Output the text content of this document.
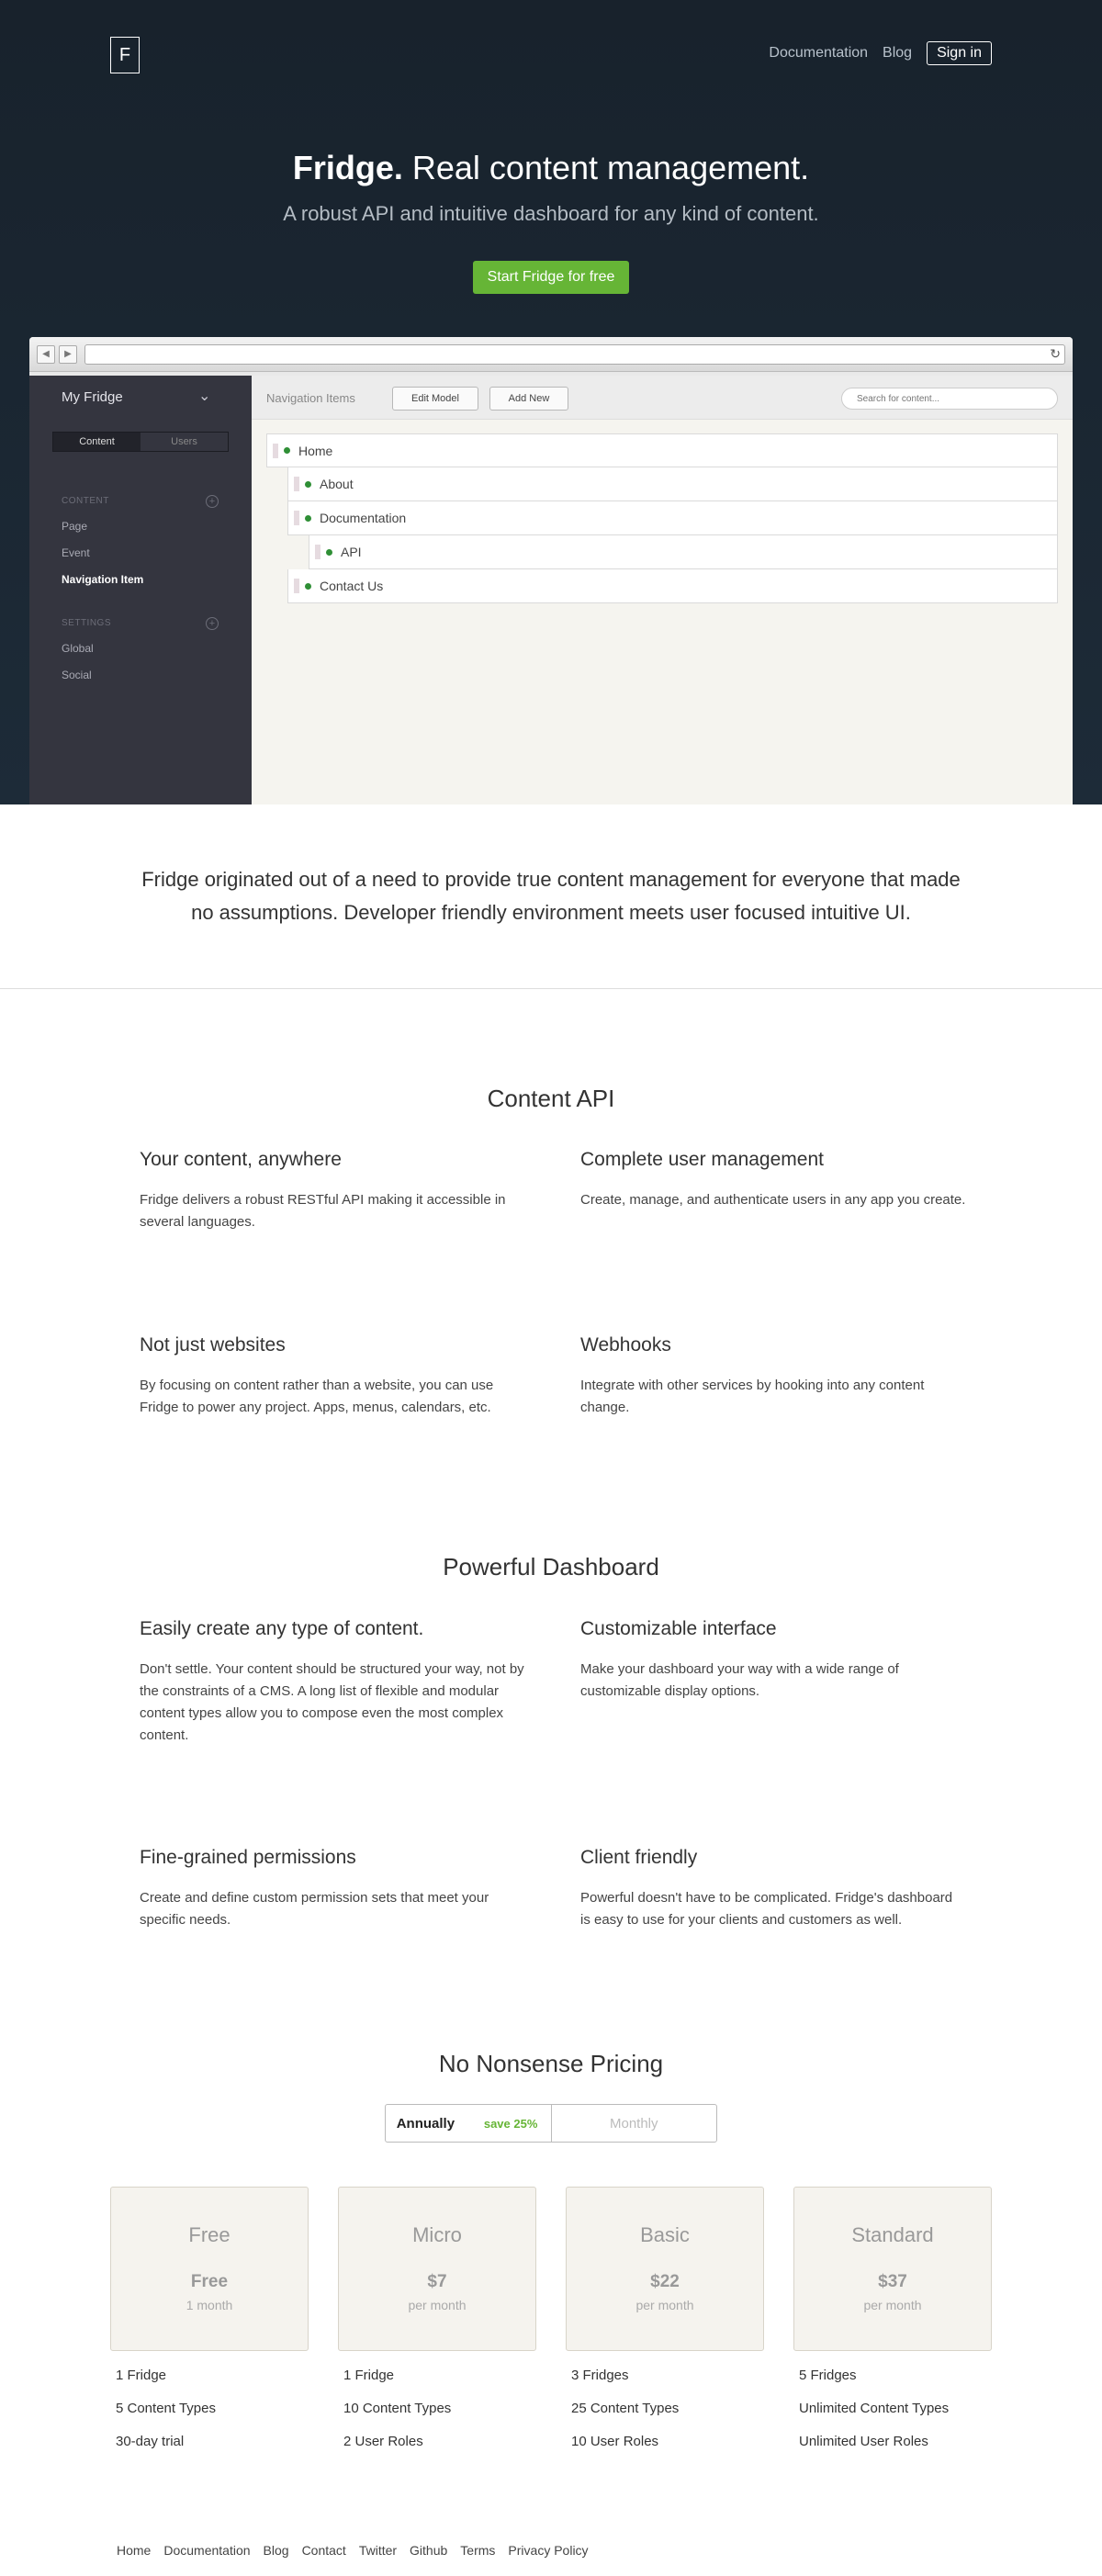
F	Documentation Blog	Sign in
Fridge. Real content management.
A robust API and intuitive dashboard for any kind of content.
Start Fridge for free
◀	▶	↻
My Fridge	⌄
Content	Users
CONTENT	+
Page
Event
Navigation Item
SETTINGS	+
Global
Social
Navigation Items	Edit Model	Add New
Search for content...
Home
About
Documentation
API
Contact Us

Fridge originated out of a need to provide true content management for everyone that made no assumptions. Developer friendly environment meets user focused intuitive UI.

Content API
Your content, anywhere

Fridge delivers a robust RESTful API making it accessible in several languages.

Complete user management

Create, manage, and authenticate users in any app you create.

Not just websites

By focusing on content rather than a website, you can use Fridge to power any project. Apps, menus, calendars, etc.

Webhooks

Integrate with other services by hooking into any content change.

Powerful Dashboard
Easily create any type of content.

Don't settle. Your content should be structured your way, not by the constraints of a CMS. A long list of flexible and modular content types allow you to compose even the most complex content.

Customizable interface

Make your dashboard your way with a wide range of customizable display options.

Fine-grained permissions

Create and define custom permission sets that meet your specific needs.

Client friendly

Powerful doesn't have to be complicated. Fridge's dashboard is easy to use for your clients and customers as well.

No Nonsense Pricing
Annually	save 25%	Monthly
Free
Free
1 month
Micro
$7
per month
Basic
$22
per month
Standard
$37
per month
1 Fridge
5 Content Types
30-day trial
1 Fridge
10 Content Types
2 User Roles
3 Fridges
25 Content Types
10 User Roles
5 Fridges
Unlimited Content Types
Unlimited User Roles
Home Documentation Blog Contact Twitter Github Terms Privacy Policy
